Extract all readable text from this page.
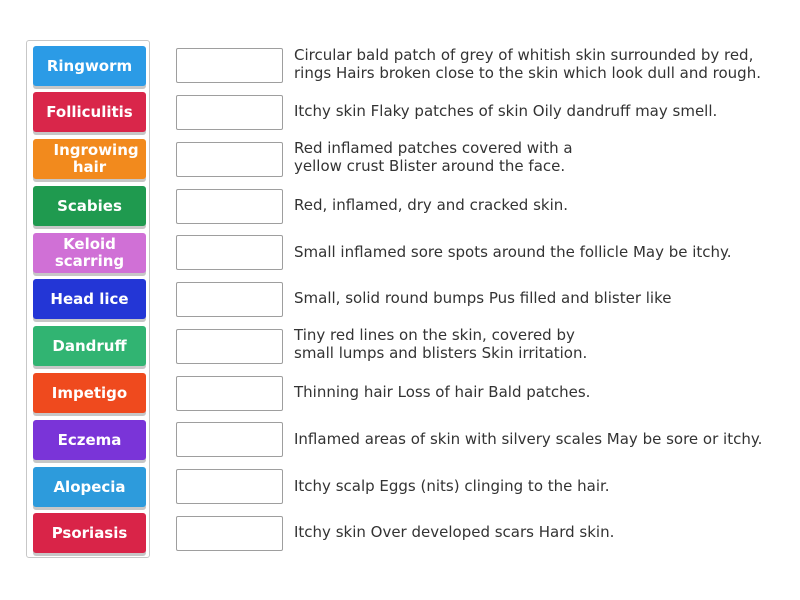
Ringworm
Folliculitis
Ingrowing hair
Scabies
Keloid scarring
Head lice
Dandruff
Impetigo
Eczema
Alopecia
Psoriasis
Circular bald patch of grey of whitish skin surrounded by red,
rings Hairs broken close to the skin which look dull and rough.
Itchy skin Flaky patches of skin Oily dandruff may smell.
Red inflamed patches covered with a
yellow crust Blister around the face.
Red, inflamed, dry and cracked skin.
Small inflamed sore spots around the follicle May be itchy.
Small, solid round bumps Pus filled and blister like
Tiny red lines on the skin, covered by
small lumps and blisters Skin irritation.
Thinning hair Loss of hair Bald patches.
Inflamed areas of skin with silvery scales May be sore or itchy.
Itchy scalp Eggs (nits) clinging to the hair.
Itchy skin Over developed scars Hard skin.
